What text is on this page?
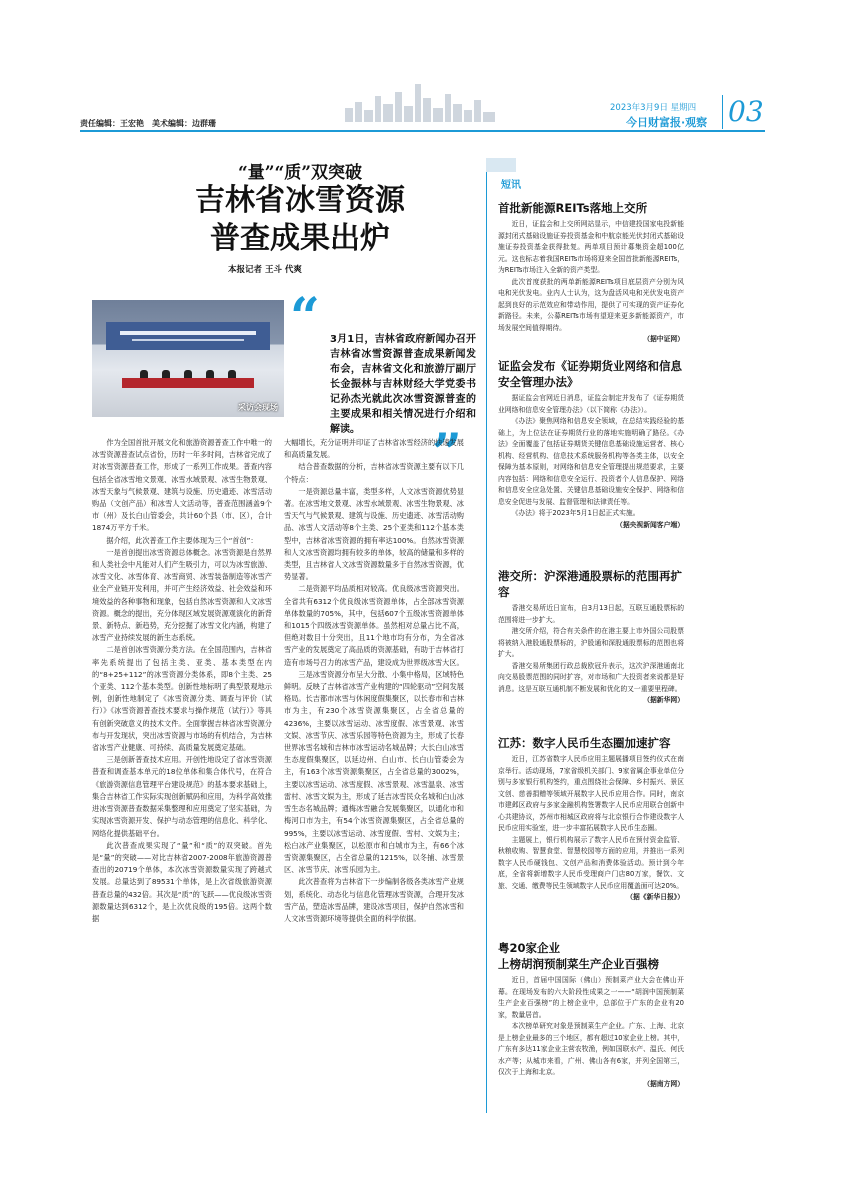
责任编辑：王宏艳　美术编辑：边群珊
2023年3月9日 星期四
今日财富报·观察 03
“量”“质”双突破
吉林省冰雪资源
普查成果出炉
本报记者 王斗 代爽
采访会现场
“ 3月1日，吉林省政府新闻办召开吉林省冰雪资源普查成果新闻发布会，吉林省文化和旅游厅副厅长金振林与吉林财经大学党委书记孙杰光就此次冰雪资源普查的主要成果和相关情况进行介绍和解读。	”

作为全国首批开展文化和旅游资源普查工作中唯一的冰雪资源普查试点省份，历时一年多时间，吉林省完成了对冰雪资源普查工作，形成了一系列工作成果。普查内容包括全省冰雪地文景观、冰雪水域景观、冰雪生物景观、冰雪天象与气候景观、建筑与设施、历史遗迹、冰雪活动购品（文创产品）和冰雪人文活动等，普查范围涵盖9个市（州）及长白山管委会，共计60个县（市、区），合计1874万平方千米。

据介绍，此次普查工作主要体现为三个“首创”：

一是首创提出冰雪资源总体概念。冰雪资源是自然界和人类社会中凡能对人们产生吸引力，可以为冰雪旅游、冰雪文化、冰雪体育、冰雪商贸、冰雪装备制造等冰雪产业全产业链开发利用，并可产生经济效益、社会效益和环境效益的各种事物和现象，包括自然冰雪资源和人文冰雪资源。概念的提出，充分体现区域发展资源观演化的新背景、新特点、新趋势，充分挖掘了冰雪文化内涵，构建了冰雪产业持续发展的新生态系统。

二是首创冰雪资源分类方法。在全国范围内，吉林省率先系统提出了包括主类、亚类、基本类型在内的“8+25+112”的冰雪资源分类体系，即8个主类、25个亚类、112个基本类型。创新性地标明了典型景观地示例，创新性地制定了《冰雪资源分类、调查与评价（试行）》《冰雪资源普查技术要求与操作规范（试行）》等具有创新突破意义的技术文件。全面掌握吉林省冰雪资源分布与开发现状，突出冰雪资源与市场的有机结合，为吉林省冰雪产业健康、可持续、高质量发展奠定基础。

三是创新普查技术应用。开创性地设定了省冰雪资源普查和调查基本单元的18位单体和集合体代号，在符合《旅游资源信息管理平台建设规范》的基本要求基础上，集合吉林省工作实际实现创新赋码和应用，为科学高效推进冰雪资源普查数据采集整理和应用奠定了坚实基础，为实现冰雪资源开发、保护与动态管理的信息化、科学化、网络化提供基础平台。

此次普查成果实现了“量”和“质”的双突破。首先是“量”的突破——对比吉林省2007-2008年旅游资源普查出的20719个单体，本次冰雪资源数量实现了跨越式发展。总量达到了89531个单体，是上次省级旅游资源普查总量的432倍。其次是“质”的飞跃——优良级冰雪资源数量达到6312个，是上次优良级的195倍。这两个数据

大幅增长，充分证明并印证了吉林省冰雪经济的快速发展和高质量发展。

结合普查数据的分析，吉林省冰雪资源主要有以下几个特点：

一是资源总量丰富，类型多样，人文冰雪资源优势显著。在冰雪地文景观、冰雪水域景观、冰雪生物景观、冰雪天气与气候景观、建筑与设施、历史遗迹、冰雪活动购品、冰雪人文活动等8个主类、25个亚类和112个基本类型中，吉林省冰雪资源的拥有率达100%。自然冰雪资源和人文冰雪资源均拥有较多的单体，较高的储量和多样的类型，且吉林省人文冰雪资源数量多于自然冰雪资源，优势显著。

二是资源平均品质相对较高。优良级冰雪资源突出。全省共有6312个优良级冰雪资源单体，占全部冰雪资源单体数量的705%，其中，包括607个五级冰雪资源单体和1015个四级冰雪资源单体。虽然相对总量占比不高，但绝对数目十分突出，且11个地市均有分布，为全省冰雪产业的发展奠定了高品质的资源基础，有助于吉林省打造有市场号召力的冰雪产品，建设成为世界级冰雪大区。

三是冰雪资源分布呈大分散、小集中格局，区域特色鲜明。反映了吉林省冰雪产业构建的“四轮驱动”空间发展格局。长吉都市冰雪与休闲度假集聚区，以长春市和吉林市为主，有230个冰雪资源集聚区，占全省总量的4236%，主要以冰雪运动、冰雪度假、冰雪景观、冰雪文娱、冰雪节庆、冰雪乐园等特色资源为主，形成了长春世界冰雪名城和吉林市冰雪运动名城品牌；大长白山冰雪生态度假集聚区，以延边州、白山市、长白山管委会为主，有163个冰雪资源集聚区，占全省总量的3002%，主要以冰雪运动、冰雪度假、冰雪景观、冰雪温泉、冰雪雷村、冰雪文娱为主，形成了延吉冰雪民众名城和白山冰雪生态名城品牌；通梅冰雪融合发展集聚区，以通化市和梅河口市为主，有54个冰雪资源集聚区，占全省总量的995%，主要以冰雪运动、冰雪度假、雪村、文娱为主；松白冰产业集聚区，以松原市和白城市为主，有66个冰雪资源集聚区，占全省总量的1215%，以冬捕、冰雪景区、冰雪节庆、冰雪乐园为主。

此次普查将为吉林省下一步编制各级各类冰雪产业规划，系统化、动态化与信息化管理冰雪资源，合理开发冰雪产品，塑造冰雪品牌，建设冰雪项目，保护自然冰雪和人文冰雪资源环境等提供全面的科学依据。

短讯
首批新能源REITs落地上交所

近日，证监会和上交所网站显示，中信建投国家电投新能源封闭式基础设施证券投资基金和中航京能光伏封闭式基础设施证券投资基金获得批复。两单项目预计募集资金超100亿元。这也标志着我国REITs市场将迎来全国首批新能源REITs，为REITs市场注入全新的资产类型。

此次首度获批的两单新能源REITs项目底层资产分别为风电和光伏发电。业内人士认为，这为盘活风电和光伏发电资产起到良好的示范效应和带动作用，提供了可实现的资产证券化新路径。未来，公募REITs市场有望迎来更多新能源资产，市场发展空间值得期待。

（据中证网）
证监会发布《证券期货业网络和信息安全管理办法》

据证监会官网近日消息，证监会制定并发布了《证券期货业网络和信息安全管理办法》（以下简称《办法》）。

《办法》聚焦网络和信息安全领域，在总结实践经验的基础上，为上位法在证券期货行业的落地实施明确了路径。《办法》全面覆盖了包括证券期货关键信息基础设施运营者、核心机构、经营机构、信息技术系统服务机构等各类主体，以安全保障为基本原则，对网络和信息安全管理提出规范要求，主要内容包括：网络和信息安全运行、投资者个人信息保护、网络和信息安全应急处置、关键信息基础设施安全保护、网络和信息安全促进与发展、监督管理和法律责任等。

《办法》将于2023年5月1日起正式实施。

（据央视新闻客户端）
港交所：沪深港通股票标的范围再扩容

香港交易所近日宣布，自3月13日起，互联互通股票标的范围将进一步扩大。

港交所介绍，符合有关条件的在港主要上市外国公司股票将被纳入港股通股票标的，沪股通和深股通股票标的范围也将扩大。

香港交易所集团行政总裁欧冠升表示，这次沪深港通南北向交易股票范围的同时扩容，对市场和广大投资者来说都是好消息。这是互联互通机制不断发展和优化的又一重要里程碑。

（据新华网）
江苏：数字人民币生态圈加速扩容

近日，江苏省数字人民币应用主题展播项目签约仪式在南京举行。活动现场，7家省级机关部门、9家省属企事业单位分别与多家银行机构签约，重点围绕社会保障、乡村振兴、景区文创、慈善捐赠等领域开展数字人民币应用合作。同时，南京市建邺区政府与多家金融机构签署数字人民币应用联合创新中心共建协议，苏州市相城区政府将与北京银行合作建设数字人民币应用实验室，进一步丰富拓展数字人民币生态圈。

主题展上，银行机构展示了数字人民币在预付资金监管、秋粮收购、智慧食堂、智慧校园等方面的应用，并推出一系列数字人民币硬钱包、文创产品和消费体验活动。预计到今年底，全省将新增数字人民币受理商户门店80万家，餐饮、文旅、交通、缴费等民生领域数字人民币应用覆盖面可达20%。

（据《新华日报》）
粤20家企业
上榜胡润预制菜生产企业百强榜

近日，首届中国国际（佛山）预制菜产业大会在佛山开幕。在现场发布的六大阶段性成果之一——“胡润中国预制菜生产企业百强榜”的上榜企业中，总部位于广东的企业有20家，数量居首。

本次榜单研究对象是预制菜生产企业。广东、上海、北京是上榜企业最多的三个地区，都有超过10家企业上榜。其中，广东有多达11家企业主营农牧渔，例如国联水产、温氏、何氏水产等；从城市来看，广州、佛山各有6家，并列全国第三，仅次于上海和北京。

（据南方网）
